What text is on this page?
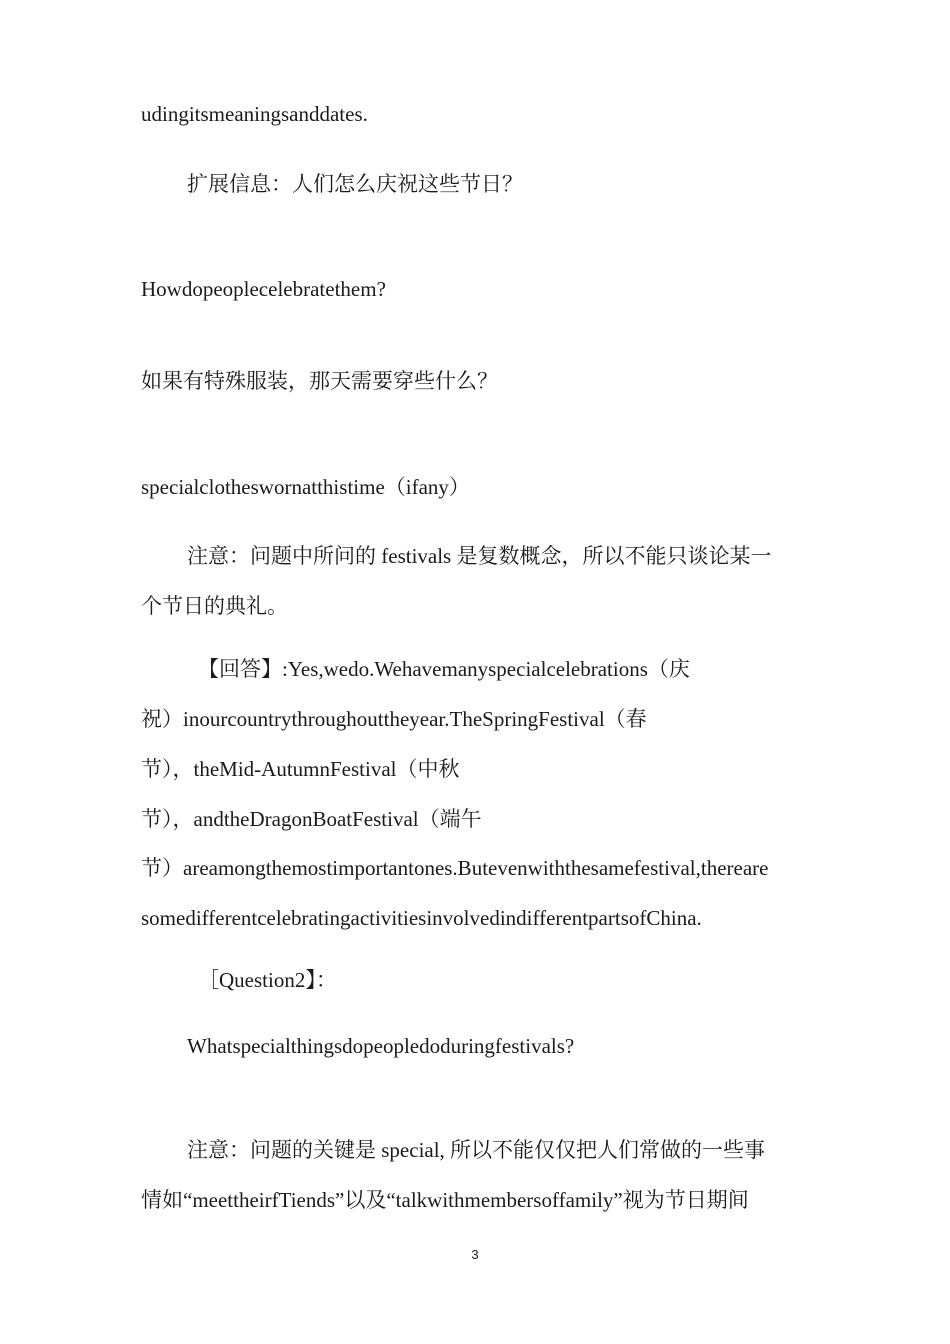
udingitsmeaningsanddates.
扩展信息：人们怎么庆祝这些节日？
Howdopeoplecelebratethem?
如果有特殊服装，那天需要穿些什么？
specialclotheswornatthistime（ifany）
注意：问题中所问的 festivals 是复数概念，所以不能只谈论某一
个节日的典礼。
【回答】:Yes,wedo.Wehavemanyspecialcelebrations（庆
祝）inourcountrythroughouttheyear.TheSpringFestival（春
节），theMid-AutumnFestival（中秋
节），andtheDragonBoatFestival（端午
节）areamongthemostimportantones.Butevenwiththesamefestival,thereare
somedifferentcelebratingactivitiesinvolvedindifferentpartsofChina.
［Question2】：
Whatspecialthingsdopeopledoduringfestivals?
注意：问题的关键是 special, 所以不能仅仅把人们常做的一些事
情如“meettheirfTiends”以及“talkwithmembersoffamily”视为节日期间
3
